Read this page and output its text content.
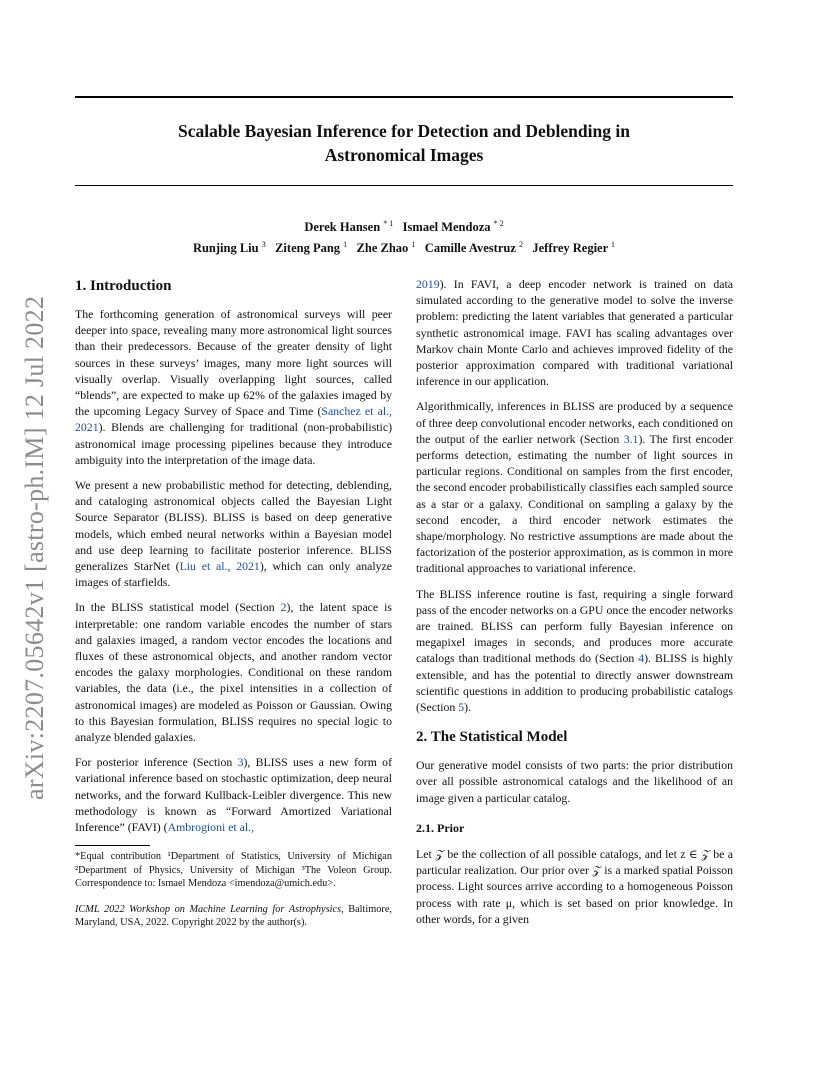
Scalable Bayesian Inference for Detection and Deblending in
Astronomical Images
Derek Hansen $^{* 1}$ Ismael Mendoza $^{* 2}$
Runjing Liu $^3$ Ziteng Pang $^1$ Zhe Zhao $^1$ Camille Avestruz $^2$ Jeffrey Regier $^1$
arXiv:2207.05642v1 [astro-ph.IM] 12 Jul 2022
1. Introduction

The forthcoming generation of astronomical surveys will peer deeper into space, revealing many more astronomical light sources than their predecessors. Because of the greater density of light sources in these surveys’ images, many more light sources will visually overlap. Visually overlapping light sources, called “blends”, are expected to make up 62% of the galaxies imaged by the upcoming Legacy Survey of Space and Time (Sanchez et al., 2021). Blends are challenging for traditional (non-probabilistic) astronomical image processing pipelines because they introduce ambiguity into the interpretation of the image data.

We present a new probabilistic method for detecting, deblending, and cataloging astronomical objects called the Bayesian Light Source Separator (BLISS). BLISS is based on deep generative models, which embed neural networks within a Bayesian model and use deep learning to facilitate posterior inference. BLISS generalizes StarNet (Liu et al., 2021), which can only analyze images of starfields.

In the BLISS statistical model (Section 2), the latent space is interpretable: one random variable encodes the number of stars and galaxies imaged, a random vector encodes the locations and fluxes of these astronomical objects, and another random vector encodes the galaxy morphologies. Conditional on these random variables, the data (i.e., the pixel intensities in a collection of astronomical images) are modeled as Poisson or Gaussian. Owing to this Bayesian formulation, BLISS requires no special logic to analyze blended galaxies.

For posterior inference (Section 3), BLISS uses a new form of variational inference based on stochastic optimization, deep neural networks, and the forward Kullback-Leibler divergence. This new methodology is known as “Forward Amortized Variational Inference” (FAVI) (Ambrogioni et al.,

*Equal contribution ¹Department of Statistics, University of Michigan ²Department of Physics, University of Michigan ³The Voleon Group. Correspondence to: Ismael Mendoza <imendoza@umich.edu>.

ICML 2022 Workshop on Machine Learning for Astrophysics, Baltimore, Maryland, USA, 2022. Copyright 2022 by the author(s).

2019). In FAVI, a deep encoder network is trained on data simulated according to the generative model to solve the inverse problem: predicting the latent variables that generated a particular synthetic astronomical image. FAVI has scaling advantages over Markov chain Monte Carlo and achieves improved fidelity of the posterior approximation compared with traditional variational inference in our application.

Algorithmically, inferences in BLISS are produced by a sequence of three deep convolutional encoder networks, each conditioned on the output of the earlier network (Section 3.1). The first encoder performs detection, estimating the number of light sources in particular regions. Conditional on samples from the first encoder, the second encoder probabilistically classifies each sampled source as a star or a galaxy. Conditional on sampling a galaxy by the second encoder, a third encoder network estimates the shape/morphology. No restrictive assumptions are made about the factorization of the posterior approximation, as is common in more traditional approaches to variational inference.

The BLISS inference routine is fast, requiring a single forward pass of the encoder networks on a GPU once the encoder networks are trained. BLISS can perform fully Bayesian inference on megapixel images in seconds, and produces more accurate catalogs than traditional methods do (Section 4). BLISS is highly extensible, and has the potential to directly answer downstream scientific questions in addition to producing probabilistic catalogs (Section 5).

2. The Statistical Model

Our generative model consists of two parts: the prior distribution over all possible astronomical catalogs and the likelihood of an image given a particular catalog.

2.1. Prior

Let 𝒵 be the collection of all possible catalogs, and let z ∈ 𝒵 be a particular realization. Our prior over 𝒵 is a marked spatial Poisson process. Light sources arrive according to a homogeneous Poisson process with rate μ, which is set based on prior knowledge. In other words, for a given
